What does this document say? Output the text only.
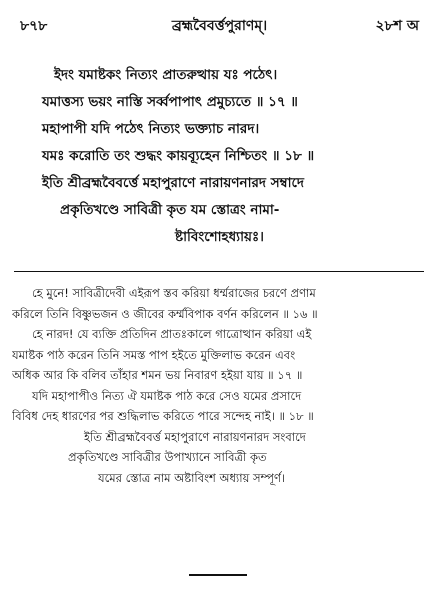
৮৭৮	ব্রহ্মবৈবর্ত্তপুরাণম্‌।	২৮শ অ
ইদং যমাষ্টকং নিত্যং প্রাতরুত্থায় যঃ পঠেৎ।
যমাত্তস্য ভয়ং নাস্তি সর্ব্বপাপাৎ প্রমুচ্যতে ॥ ১৭ ॥
মহাপাপী যদি পঠেৎ নিত্যং ভক্ত্যাচ নারদ।
যমঃ করোতি তং শুদ্ধং কায়ব্যূহেন নিশ্চিতং ॥ ১৮ ॥
ইতি শ্রীব্রহ্মবৈবর্ত্তে মহাপুরাণে নারায়ণনারদ সম্বাদে
প্রকৃতিখণ্ডে সাবিত্রী কৃত যম স্তোত্রং নামা-
ষ্টাবিংশোহধ্যায়ঃ।
হে মুনে! সাবিত্রীদেবী এইরূপ স্তব করিয়া ধর্ম্মরাজের চরণে প্রণাম
করিলে তিনি বিষ্ণুভজন ও জীবের কর্ম্মবিপাক বর্ণন করিলেন ॥ ১৬ ॥
হে নারদ! যে ব্যক্তি প্রতিদিন প্রাতঃকালে গাত্রোত্থান করিয়া এই
যমাষ্টক পাঠ করেন তিনি সমস্ত পাপ হইতে মুক্তিলাভ করেন এবং
অধিক আর কি বলিব তাঁহার শমন ভয় নিবারণ হইয়া যায় ॥ ১৭ ॥
যদি মহাপাপীও নিত্য ঐ যমাষ্টক পাঠ করে সেও যমের প্রসাদে
বিবিধ দেহ ধারণের পর শুদ্ধিলাভ করিতে পারে সন্দেহ নাই। ॥ ১৮ ॥
ইতি শ্রীব্রহ্মবৈবর্ত্ত মহাপুরাণে নারায়ণনারদ সংবাদে
প্রকৃতিখণ্ডে সাবিত্রীর উপাখ্যানে সাবিত্রী কৃত
যমের স্তোত্র নাম অষ্টাবিংশ অধ্যায় সম্পূর্ণ।
